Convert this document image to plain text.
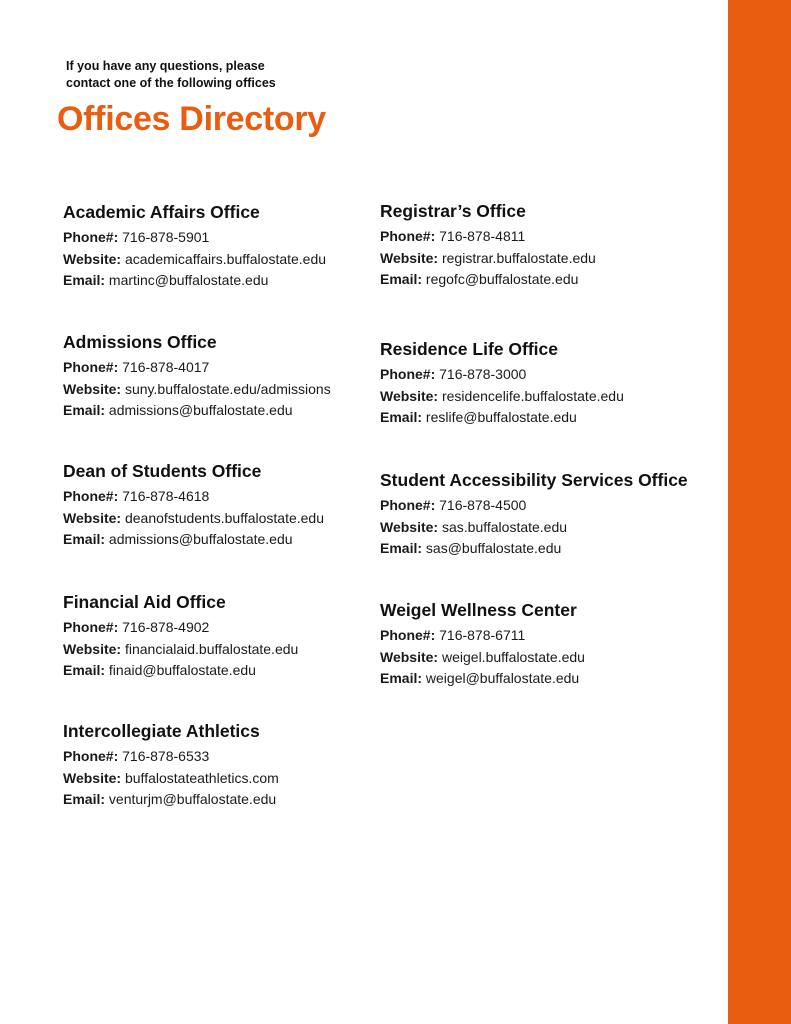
If you have any questions, please
contact one of the following offices
Offices Directory
Academic Affairs Office
Phone#: 716-878-5901
Website: academicaffairs.buffalostate.edu
Email: martinc@buffalostate.edu
Admissions Office
Phone#: 716-878-4017
Website: suny.buffalostate.edu/admissions
Email: admissions@buffalostate.edu
Dean of Students Office
Phone#: 716-878-4618
Website: deanofstudents.buffalostate.edu
Email: admissions@buffalostate.edu
Financial Aid Office
Phone#: 716-878-4902
Website: financialaid.buffalostate.edu
Email: finaid@buffalostate.edu
Intercollegiate Athletics
Phone#: 716-878-6533
Website: buffalostateathletics.com
Email: venturjm@buffalostate.edu
Registrar’s Office
Phone#: 716-878-4811
Website: registrar.buffalostate.edu
Email: regofc@buffalostate.edu
Residence Life Office
Phone#: 716-878-3000
Website: residencelife.buffalostate.edu
Email: reslife@buffalostate.edu
Student Accessibility Services Office
Phone#: 716-878-4500
Website: sas.buffalostate.edu
Email: sas@buffalostate.edu
Weigel Wellness Center
Phone#: 716-878-6711
Website: weigel.buffalostate.edu
Email: weigel@buffalostate.edu
